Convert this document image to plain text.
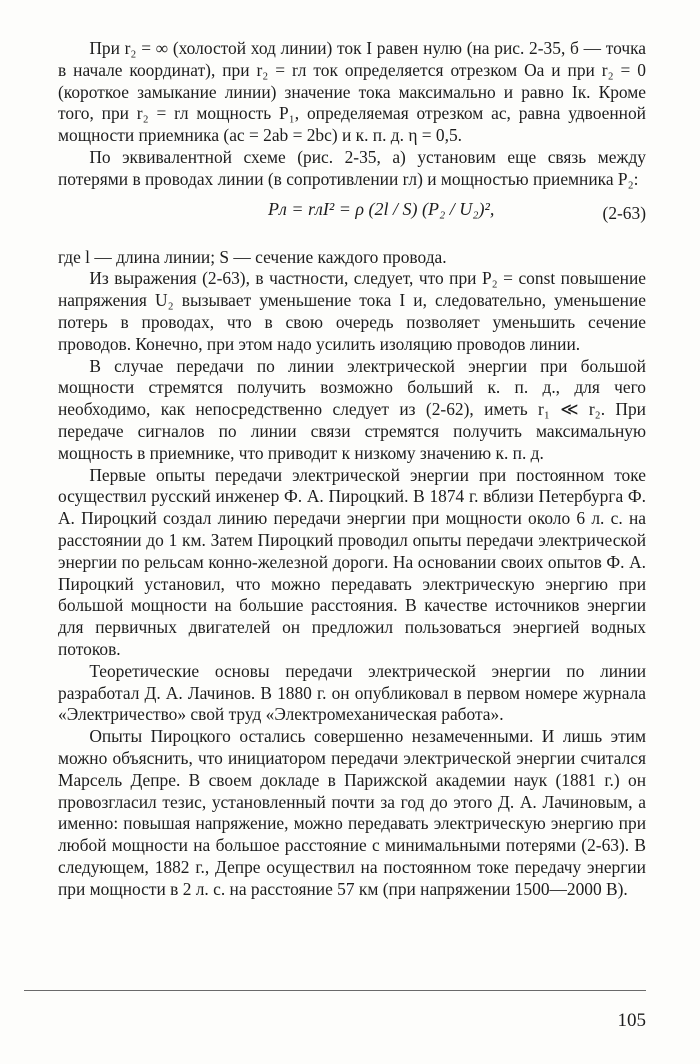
При r₂ = ∞ (холостой ход линии) ток I равен нулю (на рис. 2-35, б — точка в начале координат), при r₂ = rл ток определяется отрезком Oa и при r₂ = 0 (короткое замыкание линии) значение тока максимально и равно Iк. Кроме того, при r₂ = rл мощность P₁, определяемая отрезком ac, равна удвоенной мощности приемника (ac = 2ab = 2bc) и к. п. д. η = 0,5.

По эквивалентной схеме (рис. 2-35, а) установим еще связь между потерями в проводах линии (в сопротивлении rл) и мощностью приемника P₂:

Pл = rлI² = ρ (2l / S) (P₂ / U₂)²,	(2-63)

где l — длина линии; S — сечение каждого провода.

Из выражения (2-63), в частности, следует, что при P₂ = const повышение напряжения U₂ вызывает уменьшение тока I и, следовательно, уменьшение потерь в проводах, что в свою очередь позволяет уменьшить сечение проводов. Конечно, при этом надо усилить изоляцию проводов линии.

В случае передачи по линии электрической энергии при большой мощности стремятся получить возможно больший к. п. д., для чего необходимо, как непосредственно следует из (2-62), иметь r₁ ≪ r₂. При передаче сигналов по линии связи стремятся получить максимальную мощность в приемнике, что приводит к низкому значению к. п. д.

Первые опыты передачи электрической энергии при постоянном токе осуществил русский инженер Ф. А. Пироцкий. В 1874 г. вблизи Петербурга Ф. А. Пироцкий создал линию передачи энергии при мощности около 6 л. с. на расстоянии до 1 км. Затем Пироцкий проводил опыты передачи электрической энергии по рельсам конно-железной дороги. На основании своих опытов Ф. А. Пироцкий установил, что можно передавать электрическую энергию при большой мощности на большие расстояния. В качестве источников энергии для первичных двигателей он предложил пользоваться энергией водных потоков.

Теоретические основы передачи электрической энергии по линии разработал Д. А. Лачинов. В 1880 г. он опубликовал в первом номере журнала «Электричество» свой труд «Электромеханическая работа».

Опыты Пироцкого остались совершенно незамеченными. И лишь этим можно объяснить, что инициатором передачи электрической энергии считался Марсель Депре. В своем докладе в Парижской академии наук (1881 г.) он провозгласил тезис, установленный почти за год до этого Д. А. Лачиновым, а именно: повышая напряжение, можно передавать электрическую энергию при любой мощности на большое расстояние с минимальными потерями (2-63). В следующем, 1882 г., Депре осуществил на постоянном токе передачу энергии при мощности в 2 л. с. на расстояние 57 км (при напряжении 1500—2000 В).

105
